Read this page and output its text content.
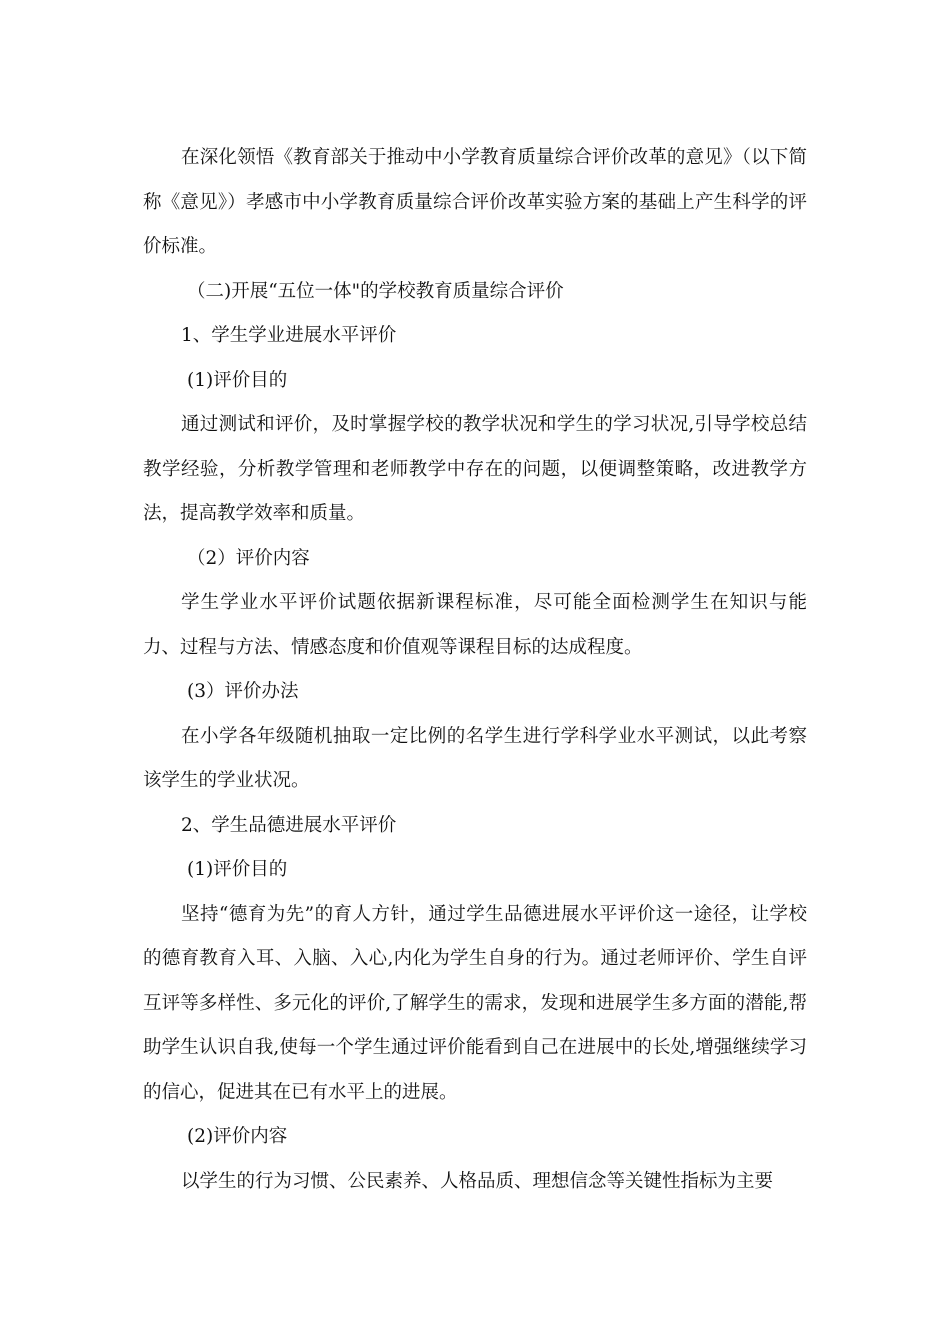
在深化领悟《教育部关于推动中小学教育质量综合评价改革的意见》（以下简称《意见》）孝感市中小学教育质量综合评价改革实验方案的基础上产生科学的评价标准。

（二)开展“五位一体"的学校教育质量综合评价

1、学生学业进展水平评价

(1)评价目的

通过测试和评价，及时掌握学校的教学状况和学生的学习状况,引导学校总结教学经验，分析教学管理和老师教学中存在的问题，以便调整策略，改进教学方法，提高教学效率和质量。

（2）评价内容

学生学业水平评价试题依据新课程标准，尽可能全面检测学生在知识与能力、过程与方法、情感态度和价值观等课程目标的达成程度。

(3）评价办法

在小学各年级随机抽取一定比例的名学生进行学科学业水平测试，以此考察该学生的学业状况。

2、学生品德进展水平评价

(1)评价目的

坚持“德育为先”的育人方针，通过学生品德进展水平评价这一途径，让学校的德育教育入耳、入脑、入心,内化为学生自身的行为。通过老师评价、学生自评互评等多样性、多元化的评价,了解学生的需求，发现和进展学生多方面的潜能,帮助学生认识自我,使每一个学生通过评价能看到自己在进展中的长处,增强继续学习的信心，促进其在已有水平上的进展。

(2)评价内容

以学生的行为习惯、公民素养、人格品质、理想信念等关键性指标为主要
